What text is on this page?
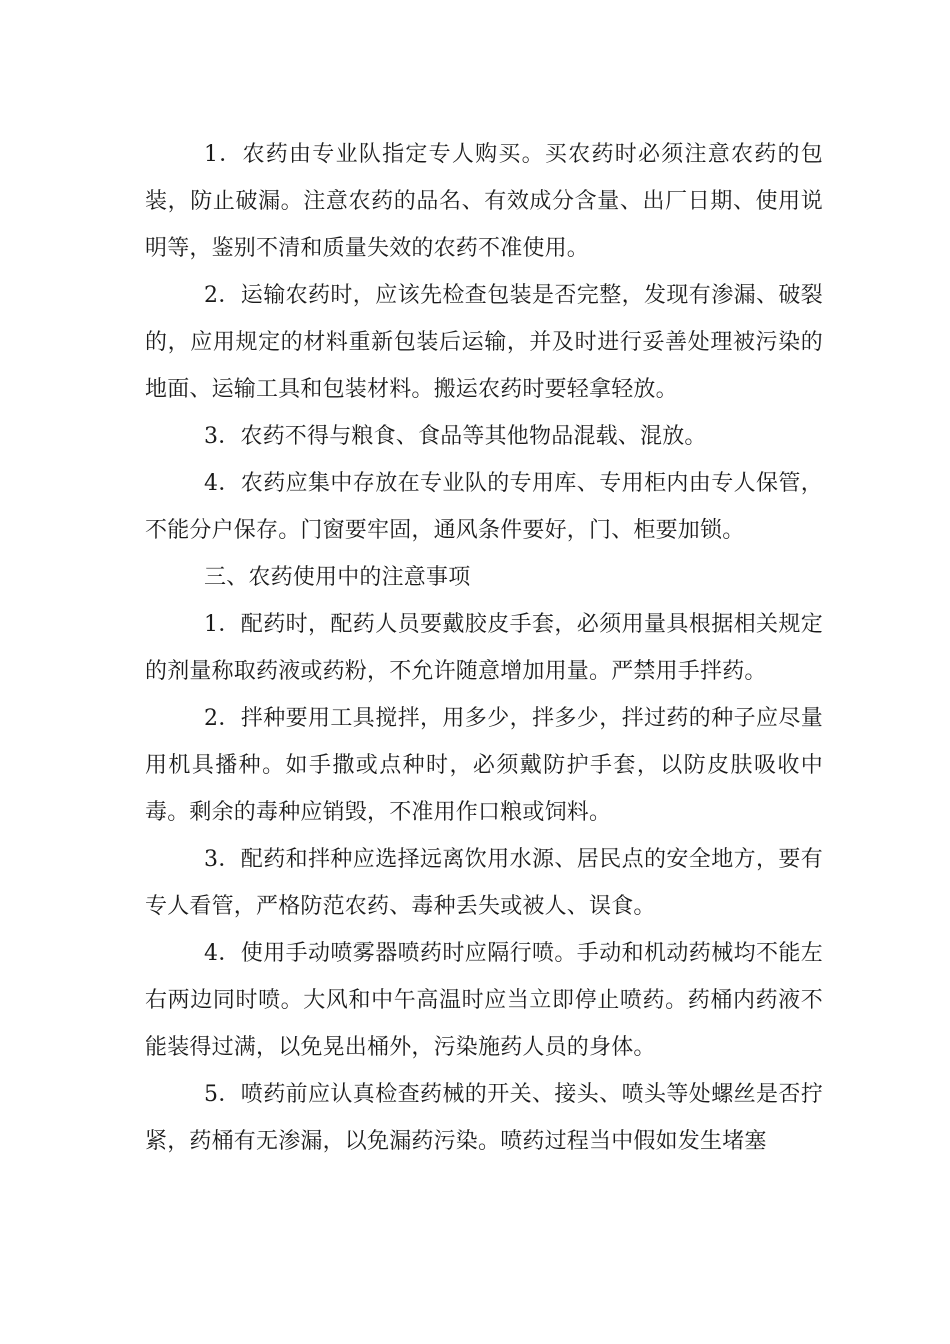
1．农药由专业队指定专人购买。买农药时必须注意农药的包装，防止破漏。注意农药的品名、有效成分含量、出厂日期、使用说明等，鉴别不清和质量失效的农药不准使用。

2．运输农药时，应该先检查包装是否完整，发现有渗漏、破裂的，应用规定的材料重新包装后运输，并及时进行妥善处理被污染的地面、运输工具和包装材料。搬运农药时要轻拿轻放。

3．农药不得与粮食、食品等其他物品混载、混放。

4．农药应集中存放在专业队的专用库、专用柜内由专人保管，不能分户保存。门窗要牢固，通风条件要好，门、柜要加锁。

三、农药使用中的注意事项

1．配药时，配药人员要戴胶皮手套，必须用量具根据相关规定的剂量称取药液或药粉，不允许随意增加用量。严禁用手拌药。

2．拌种要用工具搅拌，用多少，拌多少，拌过药的种子应尽量用机具播种。如手撒或点种时，必须戴防护手套，以防皮肤吸收中毒。剩余的毒种应销毁，不准用作口粮或饲料。

3．配药和拌种应选择远离饮用水源、居民点的安全地方，要有专人看管，严格防范农药、毒种丢失或被人、误食。

4．使用手动喷雾器喷药时应隔行喷。手动和机动药械均不能左右两边同时喷。大风和中午高温时应当立即停止喷药。药桶内药液不能装得过满，以免晃出桶外，污染施药人员的身体。

5．喷药前应认真检查药械的开关、接头、喷头等处螺丝是否拧紧，药桶有无渗漏，以免漏药污染。喷药过程当中假如发生堵塞
